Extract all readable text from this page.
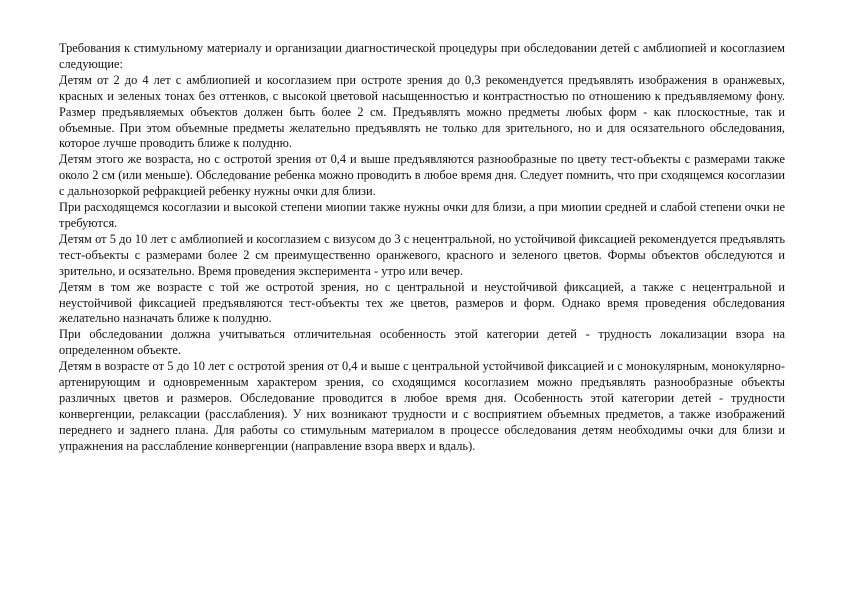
Требования к стимульному материалу и организации диагностической процедуры при обследовании детей с амблиопией и косоглазием следующие:

Детям от 2 до 4 лет с амблиопией и косоглазием при остроте зрения до 0,3 рекомендуется предъявлять изображения в оранжевых, красных и зеленых тонах без оттенков, с высокой цветовой насыщенностью и контрастностью по отношению к предъявляемому фону. Размер предъявляемых объектов должен быть более 2 см. Предъявлять можно предметы любых форм - как плоскостные, так и объемные. При этом объемные предметы желательно предъявлять не только для зрительного, но и для осязательного обследования, которое лучше проводить ближе к полудню.

Детям этого же возраста, но с остротой зрения от 0,4 и выше предъявляются разнообразные по цвету тест-объекты с размерами также около 2 см (или меньше). Обследование ребенка можно проводить в любое время дня. Следует помнить, что при сходящемся косоглазии с дальнозоркой рефракцией ребенку нужны очки для близи.

При расходящемся косоглазии и высокой степени миопии также нужны очки для близи, а при миопии средней и слабой степени очки не требуются.

Детям от 5 до 10 лет с амблиопией и косоглазием с визусом до 3 с нецентральной, но устойчивой фиксацией рекомендуется предъявлять тест-объекты с размерами более 2 см преимущественно оранжевого, красного и зеленого цветов. Формы объектов обследуются и зрительно, и осязательно. Время проведения эксперимента - утро или вечер.

Детям в том же возрасте с той же остротой зрения, но с центральной и неустойчивой фиксацией, а также с нецентральной и неустойчивой фиксацией предъявляются тест-объекты тех же цветов, размеров и форм. Однако время проведения обследования желательно назначать ближе к полудню.

При обследовании должна учитываться отличительная особенность этой категории детей - трудность локализации взора на определенном объекте.

Детям в возрасте от 5 до 10 лет с остротой зрения от 0,4 и выше с центральной устойчивой фиксацией и с монокулярным, монокулярно-артенирующим и одновременным характером зрения, со сходящимся косоглазием можно предъявлять разнообразные объекты различных цветов и размеров. Обследование проводится в любое время дня. Особенность этой категории детей - трудности конвергенции, релаксации (расслабления). У них возникают трудности и с восприятием объемных предметов, а также изображений переднего и заднего плана. Для работы со стимульным материалом в процессе обследования детям необходимы очки для близи и упражнения на расслабление конвергенции (направление взора вверх и вдаль).
